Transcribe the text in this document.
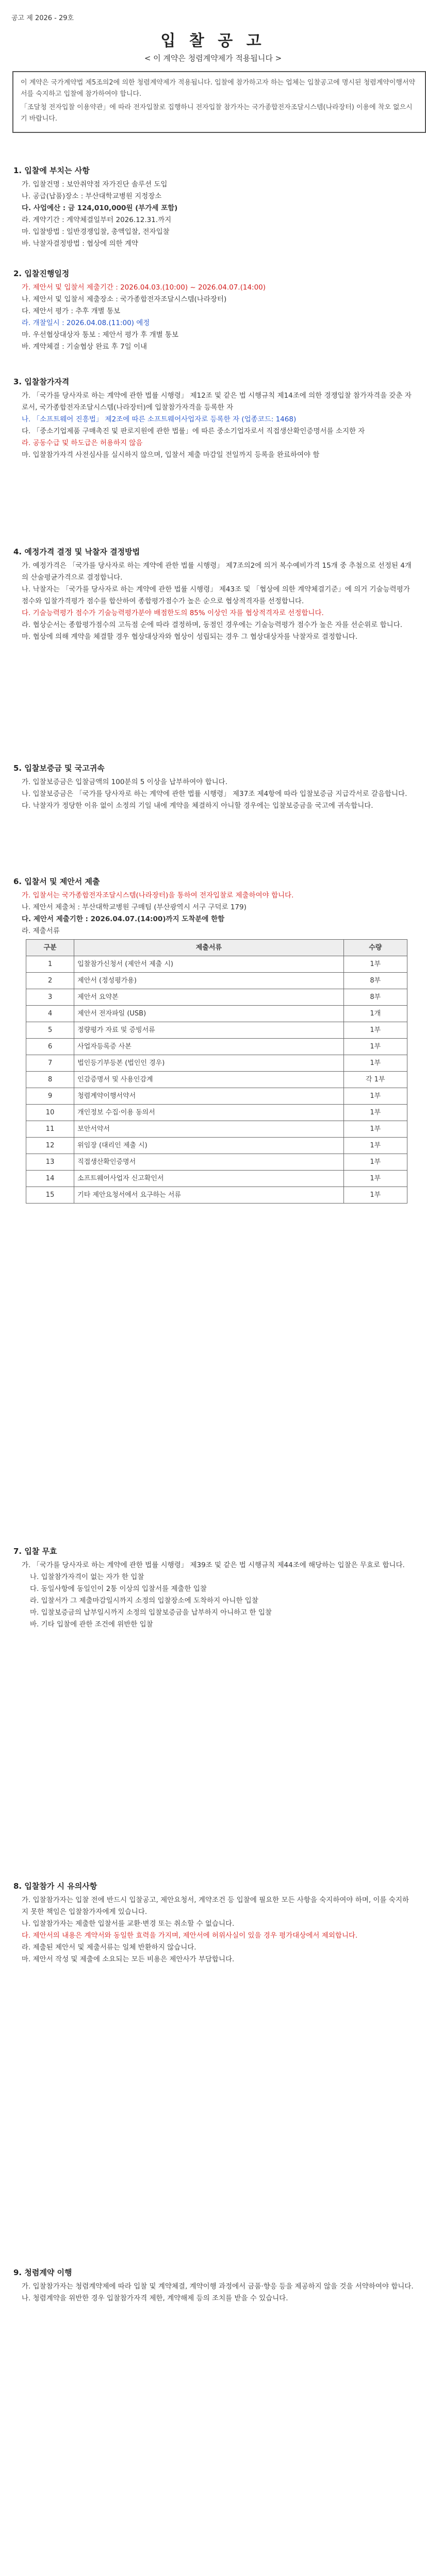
공고 제 2026 - 29호
입 찰 공 고
< 이 계약은 청렴계약제가 적용됩니다 >

이 계약은 국가계약법 제5조의2에 의한 청렴계약제가 적용됩니다. 입찰에 참가하고자 하는 업체는 입찰공고에 명시된 청렴계약이행서약서를 숙지하고 입찰에 참가하여야 합니다.

「조달청 전자입찰 이용약관」에 따라 전자입찰로 집행하니 전자입찰 참가자는 국가종합전자조달시스템(나라장터) 이용에 착오 없으시기 바랍니다.

1. 입찰에 부치는 사항

가. 입찰건명 : 보안취약점 자가진단 솔루션 도입

나. 공급(납품)장소 : 부산대학교병원 지정장소

다. 사업예산 : 금 124,010,000원 (부가세 포함)

라. 계약기간 : 계약체결일부터 2026.12.31.까지

마. 입찰방법 : 일반경쟁입찰, 총액입찰, 전자입찰

바. 낙찰자결정방법 : 협상에 의한 계약

2. 입찰진행일정

가. 제안서 및 입찰서 제출기간 : 2026.04.03.(10:00) ~ 2026.04.07.(14:00)

나. 제안서 및 입찰서 제출장소 : 국가종합전자조달시스템(나라장터)

다. 제안서 평가 : 추후 개별 통보

라. 개찰일시 : 2026.04.08.(11:00) 예정

마. 우선협상대상자 통보 : 제안서 평가 후 개별 통보

바. 계약체결 : 기술협상 완료 후 7일 이내

3. 입찰참가자격

가. 「국가를 당사자로 하는 계약에 관한 법률 시행령」 제12조 및 같은 법 시행규칙 제14조에 의한 경쟁입찰 참가자격을 갖춘 자로서, 국가종합전자조달시스템(나라장터)에 입찰참가자격을 등록한 자

나. 「소프트웨어 진흥법」 제2조에 따른 소프트웨어사업자로 등록한 자 (업종코드: 1468)

다. 「중소기업제품 구매촉진 및 판로지원에 관한 법률」에 따른 중소기업자로서 직접생산확인증명서를 소지한 자

라. 공동수급 및 하도급은 허용하지 않음

마. 입찰참가자격 사전심사를 실시하지 않으며, 입찰서 제출 마감일 전일까지 등록을 완료하여야 함

4. 예정가격 결정 및 낙찰자 결정방법

가. 예정가격은 「국가를 당사자로 하는 계약에 관한 법률 시행령」 제7조의2에 의거 복수예비가격 15개 중 추첨으로 선정된 4개의 산술평균가격으로 결정합니다.

나. 낙찰자는 「국가를 당사자로 하는 계약에 관한 법률 시행령」 제43조 및 「협상에 의한 계약체결기준」에 의거 기술능력평가 점수와 입찰가격평가 점수를 합산하여 종합평가점수가 높은 순으로 협상적격자를 선정합니다.

다. 기술능력평가 점수가 기술능력평가분야 배점한도의 85% 이상인 자를 협상적격자로 선정합니다.

라. 협상순서는 종합평가점수의 고득점 순에 따라 결정하며, 동점인 경우에는 기술능력평가 점수가 높은 자를 선순위로 합니다.

마. 협상에 의해 계약을 체결할 경우 협상대상자와 협상이 성립되는 경우 그 협상대상자를 낙찰자로 결정합니다.

5. 입찰보증금 및 국고귀속

가. 입찰보증금은 입찰금액의 100분의 5 이상을 납부하여야 합니다.

나. 입찰보증금은 「국가를 당사자로 하는 계약에 관한 법률 시행령」 제37조 제4항에 따라 입찰보증금 지급각서로 갈음합니다.

다. 낙찰자가 정당한 이유 없이 소정의 기일 내에 계약을 체결하지 아니할 경우에는 입찰보증금을 국고에 귀속합니다.

6. 입찰서 및 제안서 제출

가. 입찰서는 국가종합전자조달시스템(나라장터)을 통하여 전자입찰로 제출하여야 합니다.

나. 제안서 제출처 : 부산대학교병원 구매팀 (부산광역시 서구 구덕로 179)

다. 제안서 제출기한 : 2026.04.07.(14:00)까지 도착분에 한함

라. 제출서류

구분	제출서류	수량
1	입찰참가신청서 (제안서 제출 시)	1부
2	제안서 (정성평가용)	8부
3	제안서 요약본	8부
4	제안서 전자파일 (USB)	1개
5	정량평가 자료 및 증빙서류	1부
6	사업자등록증 사본	1부
7	법인등기부등본 (법인인 경우)	1부
8	인감증명서 및 사용인감계	각 1부
9	청렴계약이행서약서	1부
10	개인정보 수집·이용 동의서	1부
11	보안서약서	1부
12	위임장 (대리인 제출 시)	1부
13	직접생산확인증명서	1부
14	소프트웨어사업자 신고확인서	1부
15	기타 제안요청서에서 요구하는 서류	1부
7. 입찰 무효

가. 「국가를 당사자로 하는 계약에 관한 법률 시행령」 제39조 및 같은 법 시행규칙 제44조에 해당하는 입찰은 무효로 합니다.

나. 입찰참가자격이 없는 자가 한 입찰

다. 동일사항에 동일인이 2통 이상의 입찰서를 제출한 입찰

라. 입찰서가 그 제출마감일시까지 소정의 입찰장소에 도착하지 아니한 입찰

마. 입찰보증금의 납부일시까지 소정의 입찰보증금을 납부하지 아니하고 한 입찰

바. 기타 입찰에 관한 조건에 위반한 입찰

8. 입찰참가 시 유의사항

가. 입찰참가자는 입찰 전에 반드시 입찰공고, 제안요청서, 계약조건 등 입찰에 필요한 모든 사항을 숙지하여야 하며, 이를 숙지하지 못한 책임은 입찰참가자에게 있습니다.

나. 입찰참가자는 제출한 입찰서를 교환·변경 또는 취소할 수 없습니다.

다. 제안서의 내용은 계약서와 동일한 효력을 가지며, 제안서에 허위사실이 있을 경우 평가대상에서 제외합니다.

라. 제출된 제안서 및 제출서류는 일체 반환하지 않습니다.

마. 제안서 작성 및 제출에 소요되는 모든 비용은 제안사가 부담합니다.

9. 청렴계약 이행

가. 입찰참가자는 청렴계약제에 따라 입찰 및 계약체결, 계약이행 과정에서 금품·향응 등을 제공하지 않을 것을 서약하여야 합니다.

나. 청렴계약을 위반한 경우 입찰참가자격 제한, 계약해제 등의 조치를 받을 수 있습니다.
